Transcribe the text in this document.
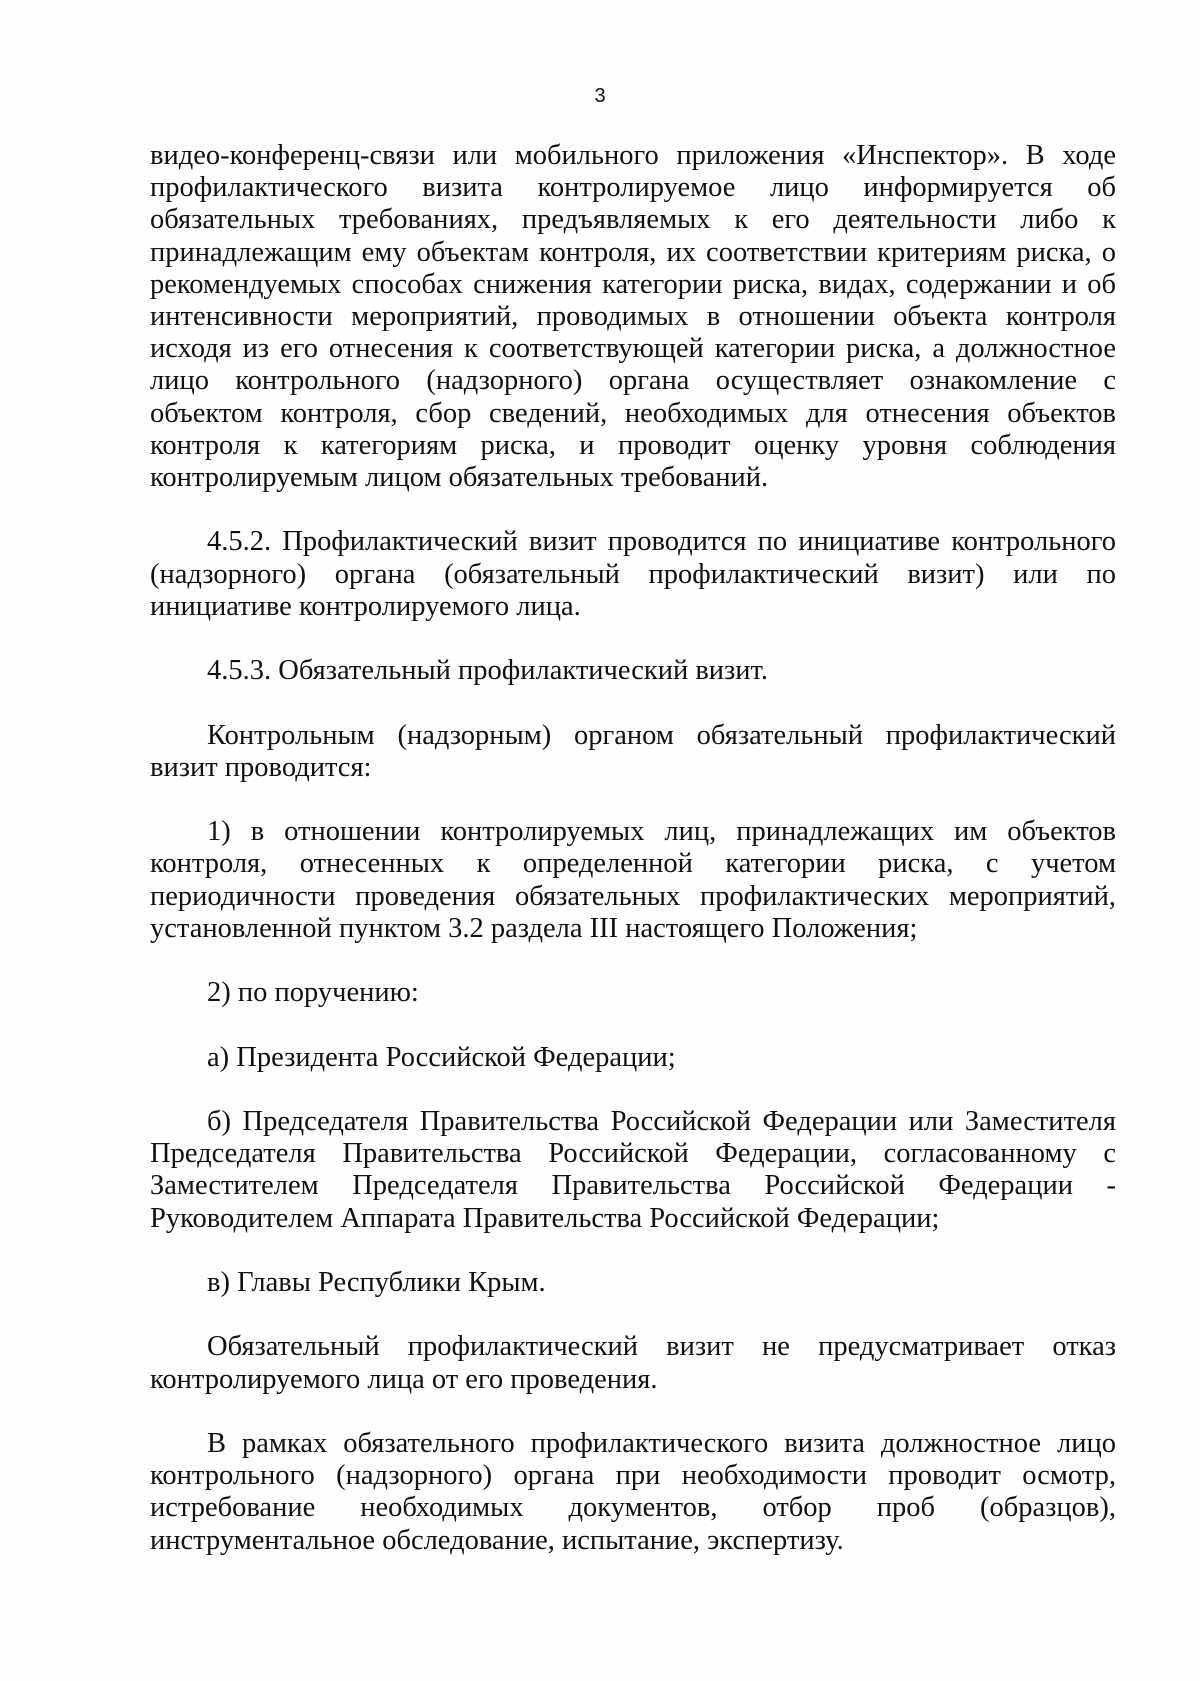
3

видео-конференц-связи или мобильного приложения «Инспектор». В ходе профилактического визита контролируемое лицо информируется об обязательных требованиях, предъявляемых к его деятельности либо к принадлежащим ему объектам контроля, их соответствии критериям риска, о рекомендуемых способах снижения категории риска, видах, содержании и об интенсивности мероприятий, проводимых в отношении объекта контроля исходя из его отнесения к соответствующей категории риска, а должностное лицо контрольного (надзорного) органа осуществляет ознакомление с объектом контроля, сбор сведений, необходимых для отнесения объектов контроля к категориям риска, и проводит оценку уровня соблюдения контролируемым лицом обязательных требований.

4.5.2. Профилактический визит проводится по инициативе контрольного (надзорного) органа (обязательный профилактический визит) или по инициативе контролируемого лица.

4.5.3. Обязательный профилактический визит.

Контрольным (надзорным) органом обязательный профилактический визит проводится:

1) в отношении контролируемых лиц, принадлежащих им объектов контроля, отнесенных к определенной категории риска, с учетом периодичности проведения обязательных профилактических мероприятий, установленной пунктом 3.2 раздела III настоящего Положения;

2) по поручению:

а) Президента Российской Федерации;

б) Председателя Правительства Российской Федерации или Заместителя Председателя Правительства Российской Федерации, согласованному с Заместителем Председателя Правительства Российской Федерации - Руководителем Аппарата Правительства Российской Федерации;

в) Главы Республики Крым.

Обязательный профилактический визит не предусматривает отказ контролируемого лица от его проведения.

В рамках обязательного профилактического визита должностное лицо контрольного (надзорного) органа при необходимости проводит осмотр, истребование необходимых документов, отбор проб (образцов), инструментальное обследование, испытание, экспертизу.
